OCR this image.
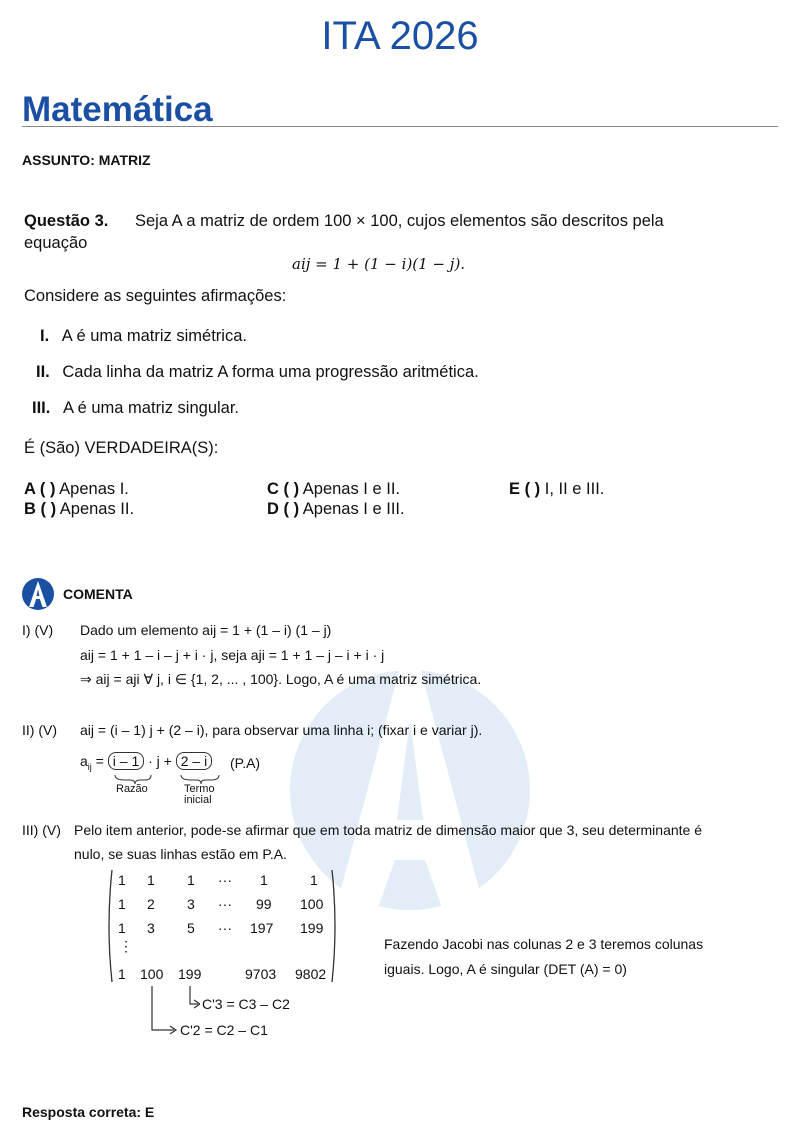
ITA 2026
Matemática
ASSUNTO: MATRIZ
Questão 3. Seja A a matriz de ordem 100 × 100, cujos elementos são descritos pela
equação
aij = 1 + (1 − i)(1 − j).
Considere as seguintes afirmações:
I. A é uma matriz simétrica.
II. Cada linha da matriz A forma uma progressão aritmética.
III. A é uma matriz singular.
É (São) VERDADEIRA(S):
A ( ) Apenas I.
B ( ) Apenas II.
C ( ) Apenas I e II.
D ( ) Apenas I e III.
E ( ) I, II e III.
COMENTA
I) (V) Dado um elemento aij = 1 + (1 – i) (1 – j)
aij = 1 + 1 – i – j + i · j, seja aji = 1 + 1 – j – i + i · j
⇒ aij = aji ∀ j, i ∈ {1, 2, ... , 100}. Logo, A é uma matriz simétrica.
II) (V) aij = (i – 1) j + (2 – i), para observar uma linha i; (fixar i e variar j).
$a_{ij} = i - 1 \cdot j + 2 - i$	(P.A)
Razão	Termo
inicial
III) (V) Pelo item anterior, pode-se afirmar que em toda matriz de dimensão maior que 3, seu determinante é
nulo, se suas linhas estão em P.A.
1 1 1 ··· 1	1
1 2 3 ··· 99 100
1 3 5 ··· 197 199
⋮
1 100 199	9703 9802
C'3 = C3 – C2
C'2 = C2 – C1
Fazendo Jacobi nas colunas 2 e 3 teremos colunas
iguais. Logo, A é singular (DET (A) = 0)
Resposta correta: E
